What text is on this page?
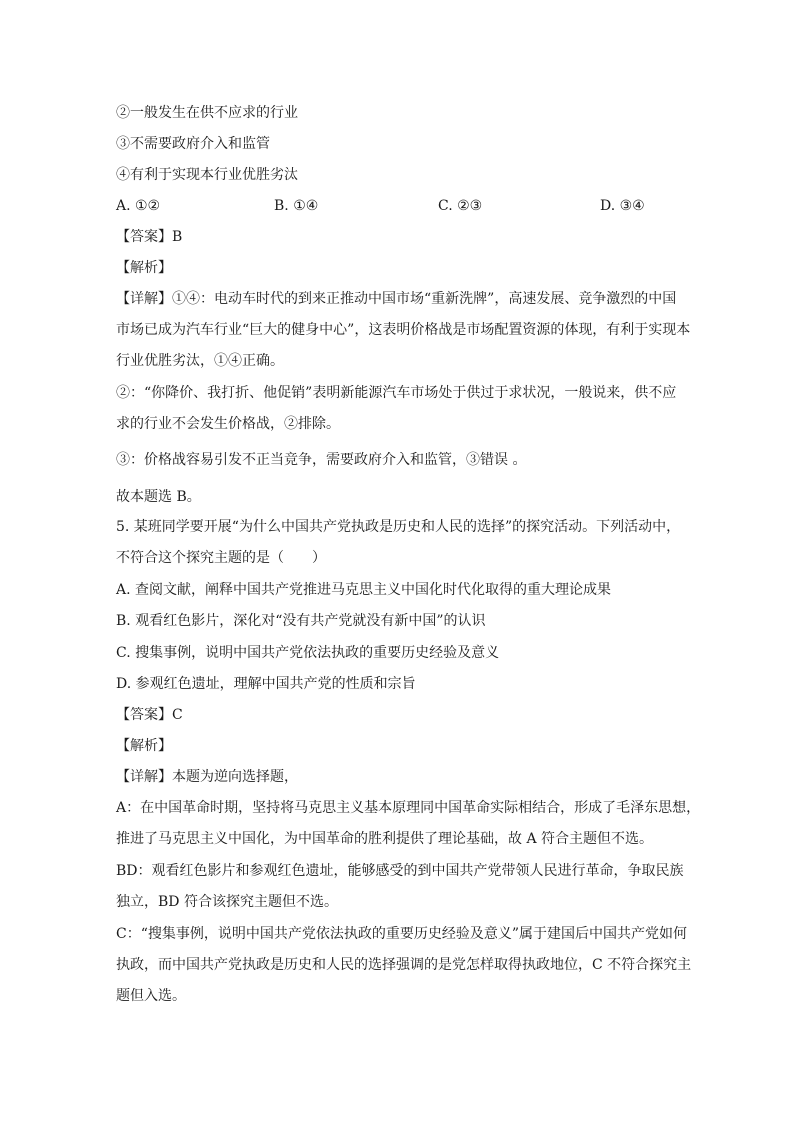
②一般发生在供不应求的行业
③不需要政府介入和监管
④有利于实现本行业优胜劣汰
A. ①②	B. ①④	C. ②③	D. ③④
【答案】B
【解析】
【详解】①④：电动车时代的到来正推动中国市场“重新洗牌”，高速发展、竞争激烈的中国
市场已成为汽车行业“巨大的健身中心”，这表明价格战是市场配置资源的体现，有利于实现本
行业优胜劣汰，①④正确。
②：“你降价、我打折、他促销”表明新能源汽车市场处于供过于求状况，一般说来，供不应
求的行业不会发生价格战，②排除。
③：价格战容易引发不正当竞争，需要政府介入和监管，③错误 。
故本题选 B。
5. 某班同学要开展“为什么中国共产党执政是历史和人民的选择”的探究活动。下列活动中，
不符合这个探究主题的是（　　）
A. 查阅文献，阐释中国共产党推进马克思主义中国化时代化取得的重大理论成果
B. 观看红色影片，深化对“没有共产党就没有新中国”的认识
C. 搜集事例，说明中国共产党依法执政的重要历史经验及意义
D. 参观红色遗址，理解中国共产党的性质和宗旨
【答案】C
【解析】
【详解】本题为逆向选择题，
A：在中国革命时期，坚持将马克思主义基本原理同中国革命实际相结合，形成了毛泽东思想，
推进了马克思主义中国化，为中国革命的胜利提供了理论基础，故 A 符合主题但不选。
BD：观看红色影片和参观红色遗址，能够感受的到中国共产党带领人民进行革命，争取民族
独立，BD 符合该探究主题但不选。
C：“搜集事例，说明中国共产党依法执政的重要历史经验及意义”属于建国后中国共产党如何
执政，而中国共产党执政是历史和人民的选择强调的是党怎样取得执政地位，C 不符合探究主
题但入选。
